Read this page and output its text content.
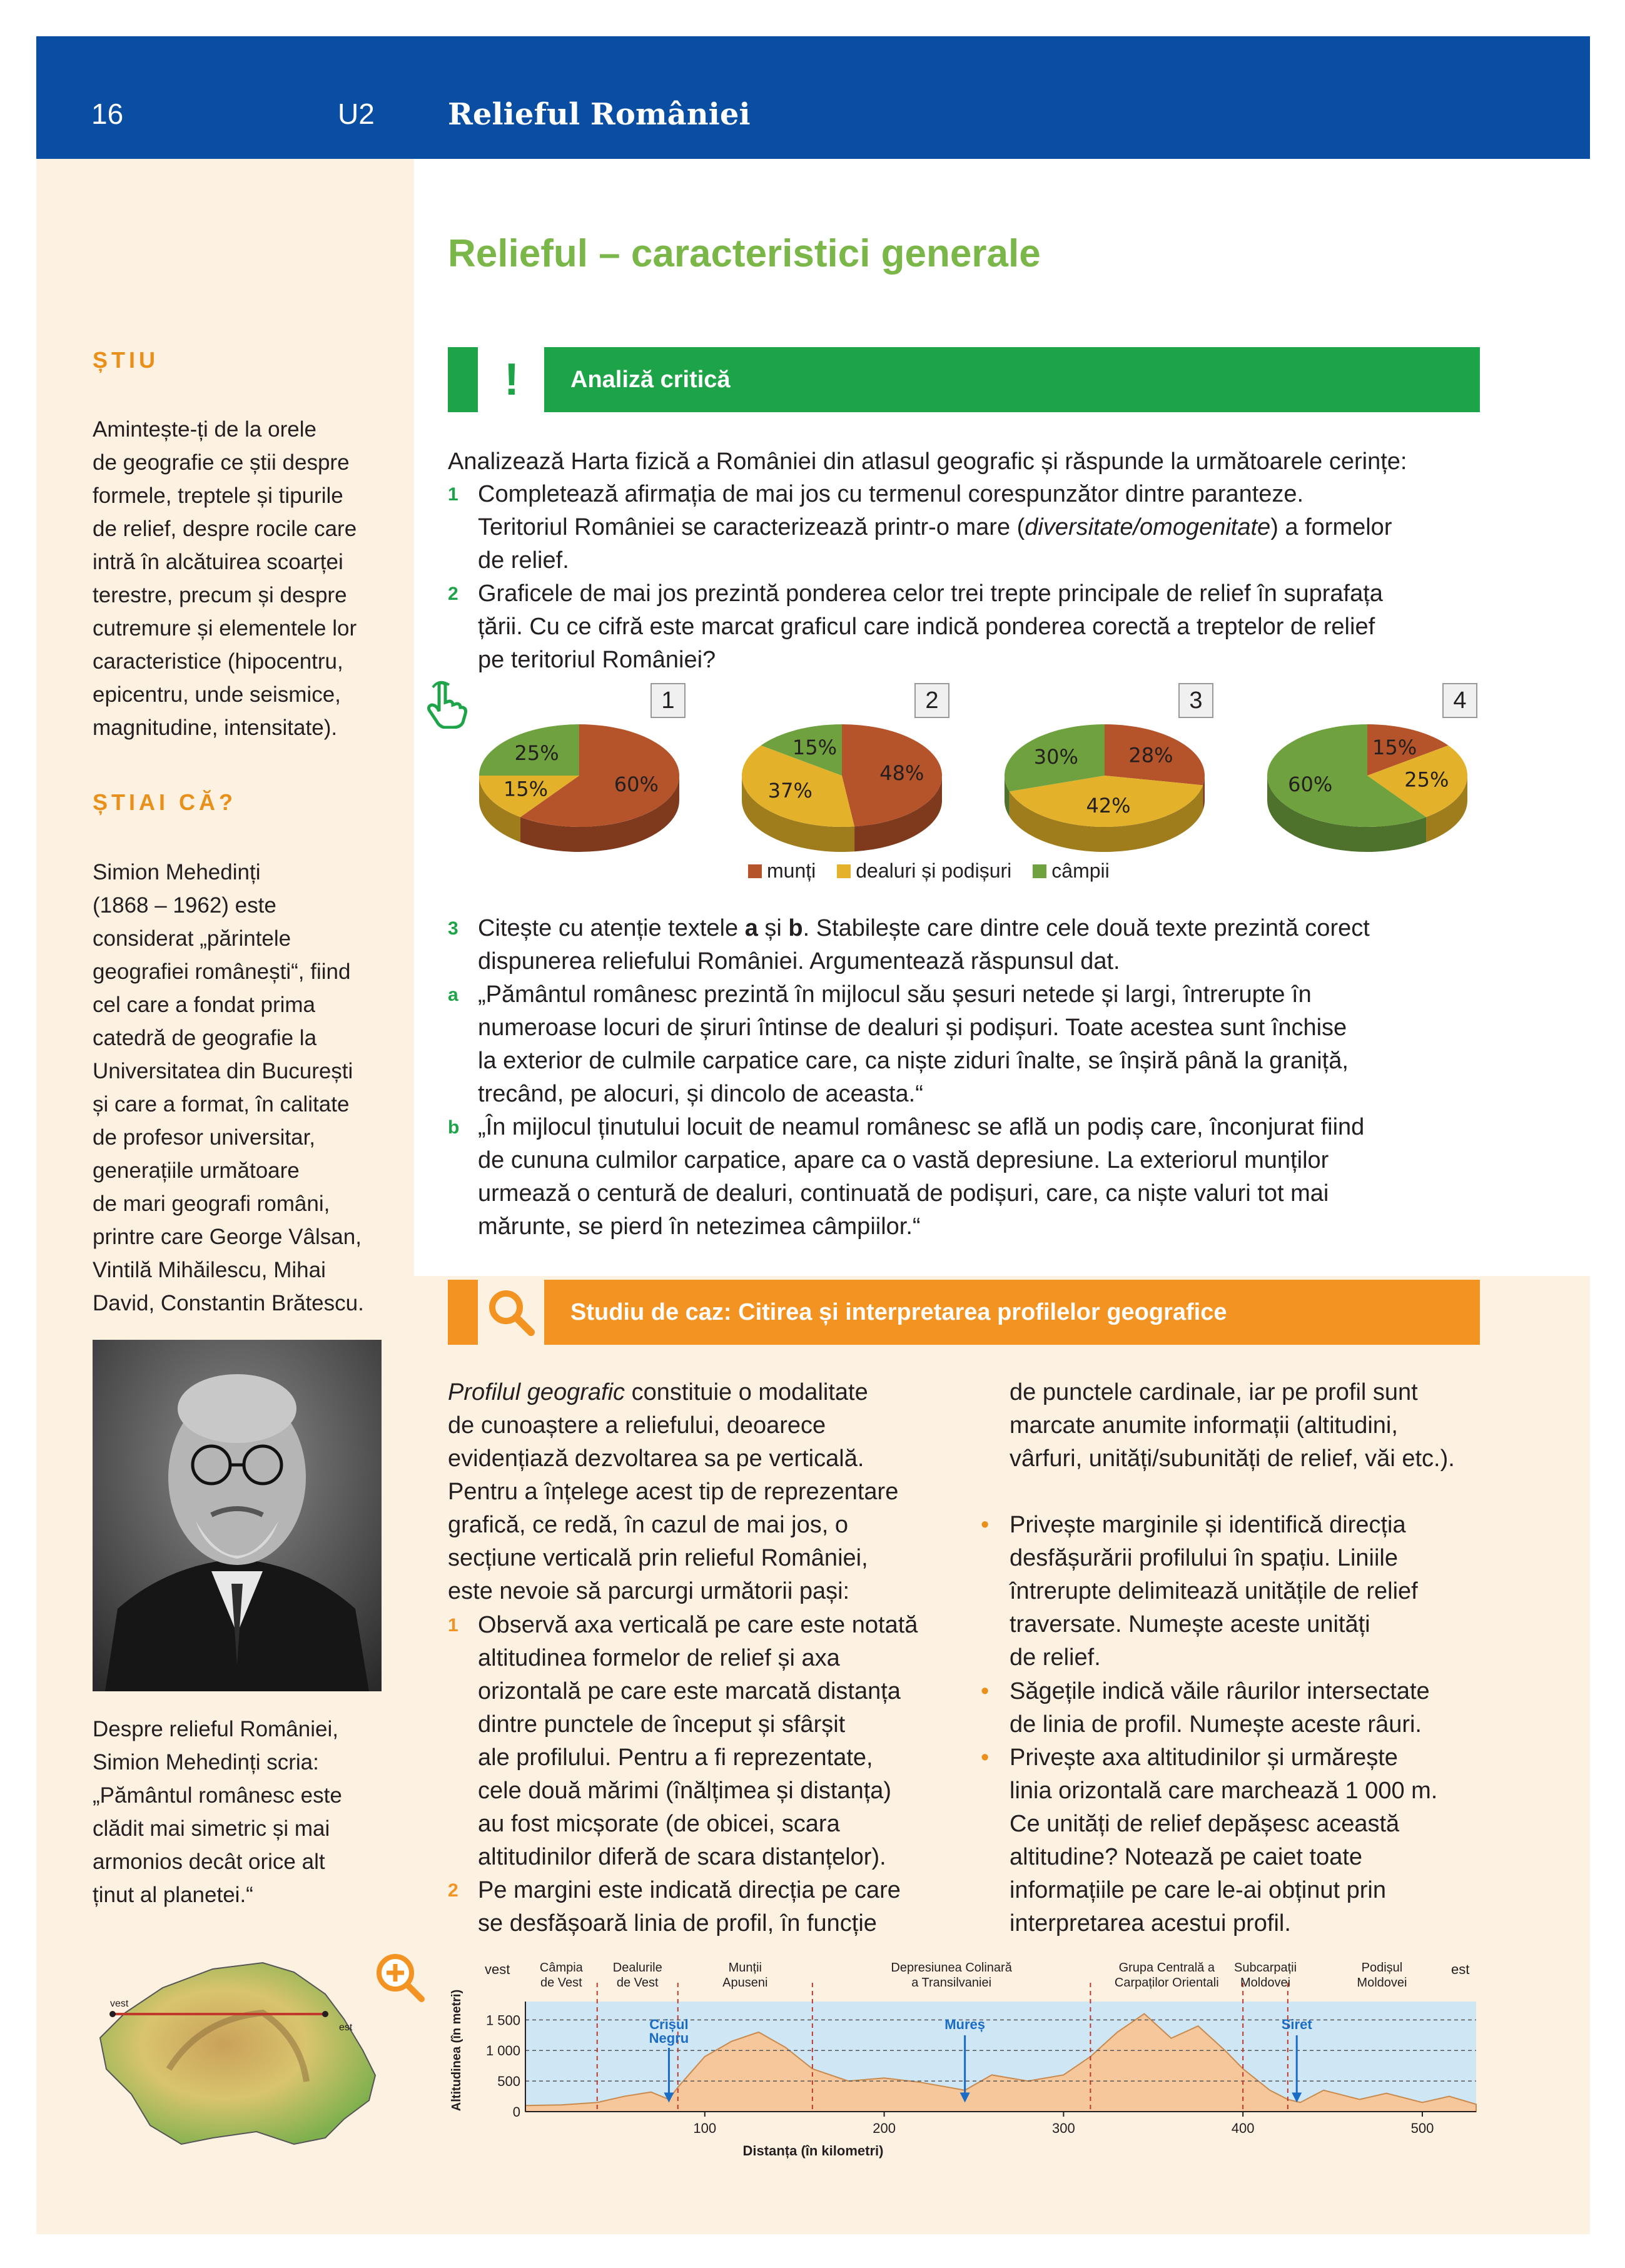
16	U2 Relieful României
ȘTIU
Amintește-ți de la orele
de geografie ce știi despre
formele, treptele și tipurile
de relief, despre rocile care
intră în alcătuirea scoarței
terestre, precum și despre
cutremure și elementele lor
caracteristice (hipocentru,
epicentru, unde seismice,
magnitudine, intensitate).
ȘTIAI CĂ?
Simion Mehedinți
(1868 – 1962) este
considerat „părintele
geografiei românești“, fiind
cel care a fondat prima
catedră de geografie la
Universitatea din București
și care a format, în calitate
de profesor universitar,
generațiile următoare
de mari geografi români,
printre care George Vâlsan,
Vintilă Mihăilescu, Mihai
David, Constantin Brătescu.
Despre relieful României,
Simion Mehedinți scria:
„Pământul românesc este
clădit mai simetric și mai
armonios decât orice alt
ținut al planetei.“
vest
est
Relieful – caracteristici generale
!	Analiză critică
Analizează Harta fizică a României din atlasul geografic și răspunde la următoarele cerințe:
1 Completează afirmația de mai jos cu termenul corespunzător dintre paranteze.
Teritoriul României se caracterizează printr-o mare (diversitate/omogenitate) a formelor
de relief.
2 Graficele de mai jos prezintă ponderea celor trei trepte principale de relief în suprafața
țării. Cu ce cifră este marcat graficul care indică ponderea corectă a treptelor de relief
pe teritoriul României?
60%
15%
25%
48%
37%
15%	28%
42%
30%	15%
25%
60%
1	2	3	4
munți dealuri și podișuri câmpii
3 Citește cu atenție textele a și b. Stabilește care dintre cele două texte prezintă corect
dispunerea reliefului României. Argumentează răspunsul dat.
a „Pământul românesc prezintă în mijlocul său șesuri netede și largi, întrerupte în
numeroase locuri de șiruri întinse de dealuri și podișuri. Toate acestea sunt închise
la exterior de culmile carpatice care, ca niște ziduri înalte, se înșiră până la graniță,
trecând, pe alocuri, și dincolo de aceasta.“
b „În mijlocul ținutului locuit de neamul românesc se află un podiș care, înconjurat fiind
de cununa culmilor carpatice, apare ca o vastă depresiune. La exteriorul munților
urmează o centură de dealuri, continuată de podișuri, care, ca niște valuri tot mai
mărunte, se pierd în netezimea câmpiilor.“
Studiu de caz: Citirea și interpretarea profilelor geografice
Profilul geografic constituie o modalitate
de cunoaștere a reliefului, deoarece
evidențiază dezvoltarea sa pe verticală.
Pentru a înțelege acest tip de reprezentare
grafică, ce redă, în cazul de mai jos, o
secțiune verticală prin relieful României,
este nevoie să parcurgi următorii pași:
1 Observă axa verticală pe care este notată
altitudinea formelor de relief și axa
orizontală pe care este marcată distanța
dintre punctele de început și sfârșit
ale profilului. Pentru a fi reprezentate,
cele două mărimi (înălțimea și distanța)
au fost micșorate (de obicei, scara
altitudinilor diferă de scara distanțelor).
2 Pe margini este indicată direcția pe care
se desfășoară linia de profil, în funcție
de punctele cardinale, iar pe profil sunt
marcate anumite informații (altitudini,
vârfuri, unități/subunități de relief, văi etc.).
• Privește marginile și identifică direcția
desfășurării profilului în spațiu. Liniile
întrerupte delimitează unitățile de relief
traversate. Numește aceste unități
de relief.
• Săgețile indică văile râurilor intersectate
de linia de profil. Numește aceste râuri.
• Privește axa altitudinilor și urmărește
linia orizontală care marchează 1 000 m.
Ce unități de relief depășesc această
altitudine? Notează pe caiet toate
informațiile pe care le-ai obținut prin
interpretarea acestui profil.
0
500
1 000
1 500
100	200	300	400	500
Distanța (în kilometri)
Altitudinea (în metri)
vest	est
Câmpia
de Vest
Dealurile
de Vest
Munții
Apuseni
Depresiunea Colinară
a Transilvaniei
Grupa Centrală a
Carpaților Orientali
Subcarpații
Moldovei
Podișul
Moldovei
Crișul
Negru
Mureș	Siret
